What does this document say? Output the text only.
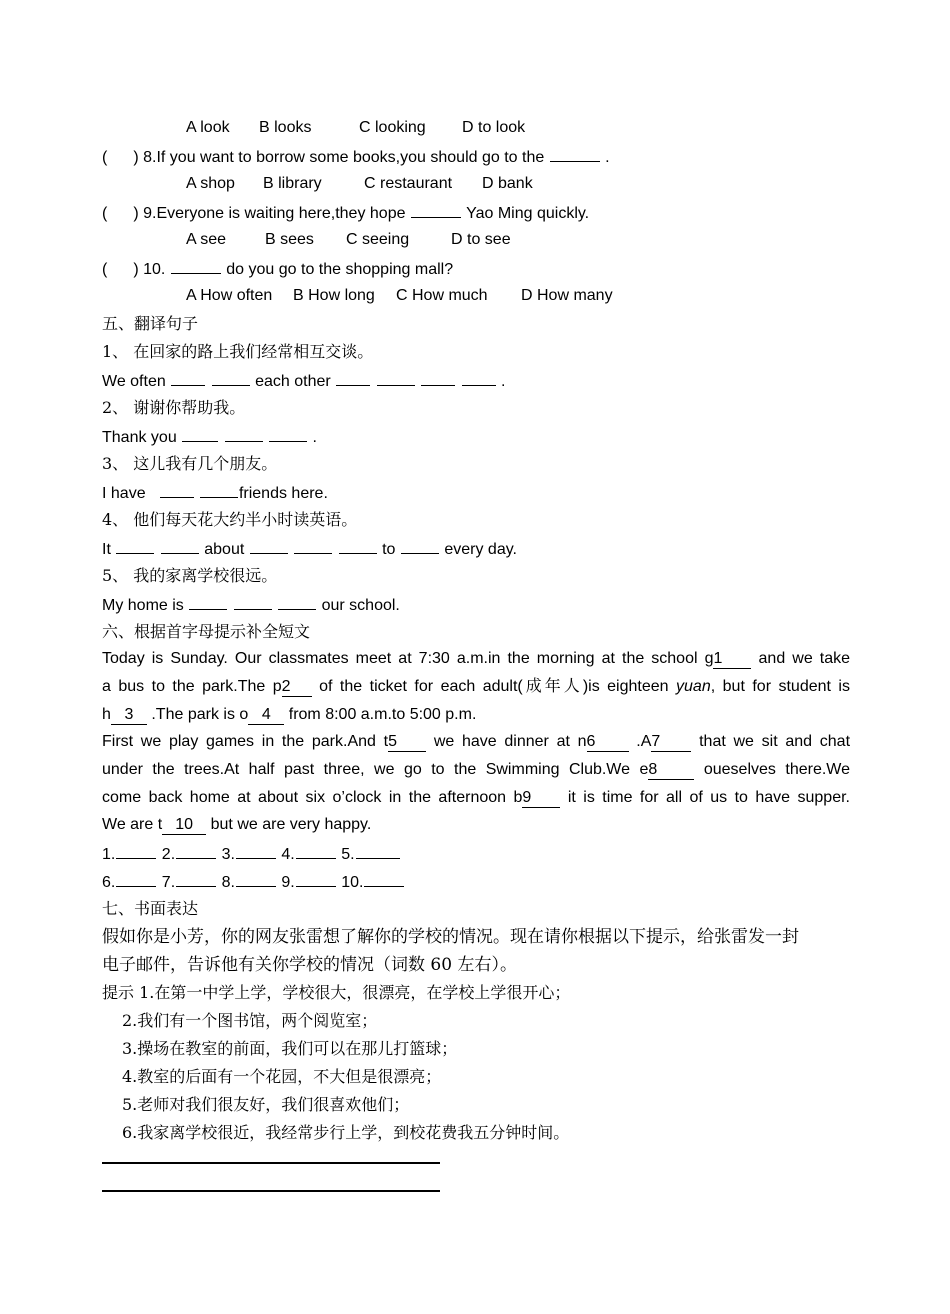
A look B looks	C looking D to look
( ) 8.If you want to borrow some books,you should go to the	.
A shop B library	C restaurant D bank
( ) 9.Everyone is waiting here,they hope	Yao Ming quickly.
A see B sees C seeing	D to see
( ) 10.	do you go to the shopping mall?
A How often B How long C How much D How many
五、翻译句子
1、 在回家的路上我们经常相互交谈。
We often	each other	.
2、 谢谢你帮助我。
Thank you	.
3、 这儿我有几个朋友。
I have	friends here.
4、 他们每天花大约半小时读英语。
It	about	to	every day.
5、 我的家离学校很远。
My home is	our school.
六、根据首字母提示补全短文
Today is Sunday. Our classmates meet at 7:30 a.m.in the morning at the school g1 and we take
a bus to the park.The p2 of the ticket for each adult(成年人)is eighteen yuan, but for student is
h 3 .The park is o 4 from 8:00 a.m.to 5:00 p.m.
First we play games in the park.And t5 we have dinner at n6	.A7 that we sit and chat
under the trees.At half past three, we go to the Swimming Club.We e8	oueselves there.We
come back home at about six o’clock in the afternoon b9 it is time for all of us to have supper.
We are t 10 but we are very happy.
1.	2.	3.	4.	5.
6.	7.	8.	9.	10.
七、书面表达
假如你是小芳，你的网友张雷想了解你的学校的情况。现在请你根据以下提示，给张雷发一封
电子邮件，告诉他有关你学校的情况（词数 60 左右）。
提示 1.在第一中学上学，学校很大，很漂亮，在学校上学很开心；
2.我们有一个图书馆，两个阅览室；
3.操场在教室的前面，我们可以在那儿打篮球；
4.教室的后面有一个花园，不大但是很漂亮；
5.老师对我们很友好，我们很喜欢他们；
6.我家离学校很近，我经常步行上学，到校花费我五分钟时间。
